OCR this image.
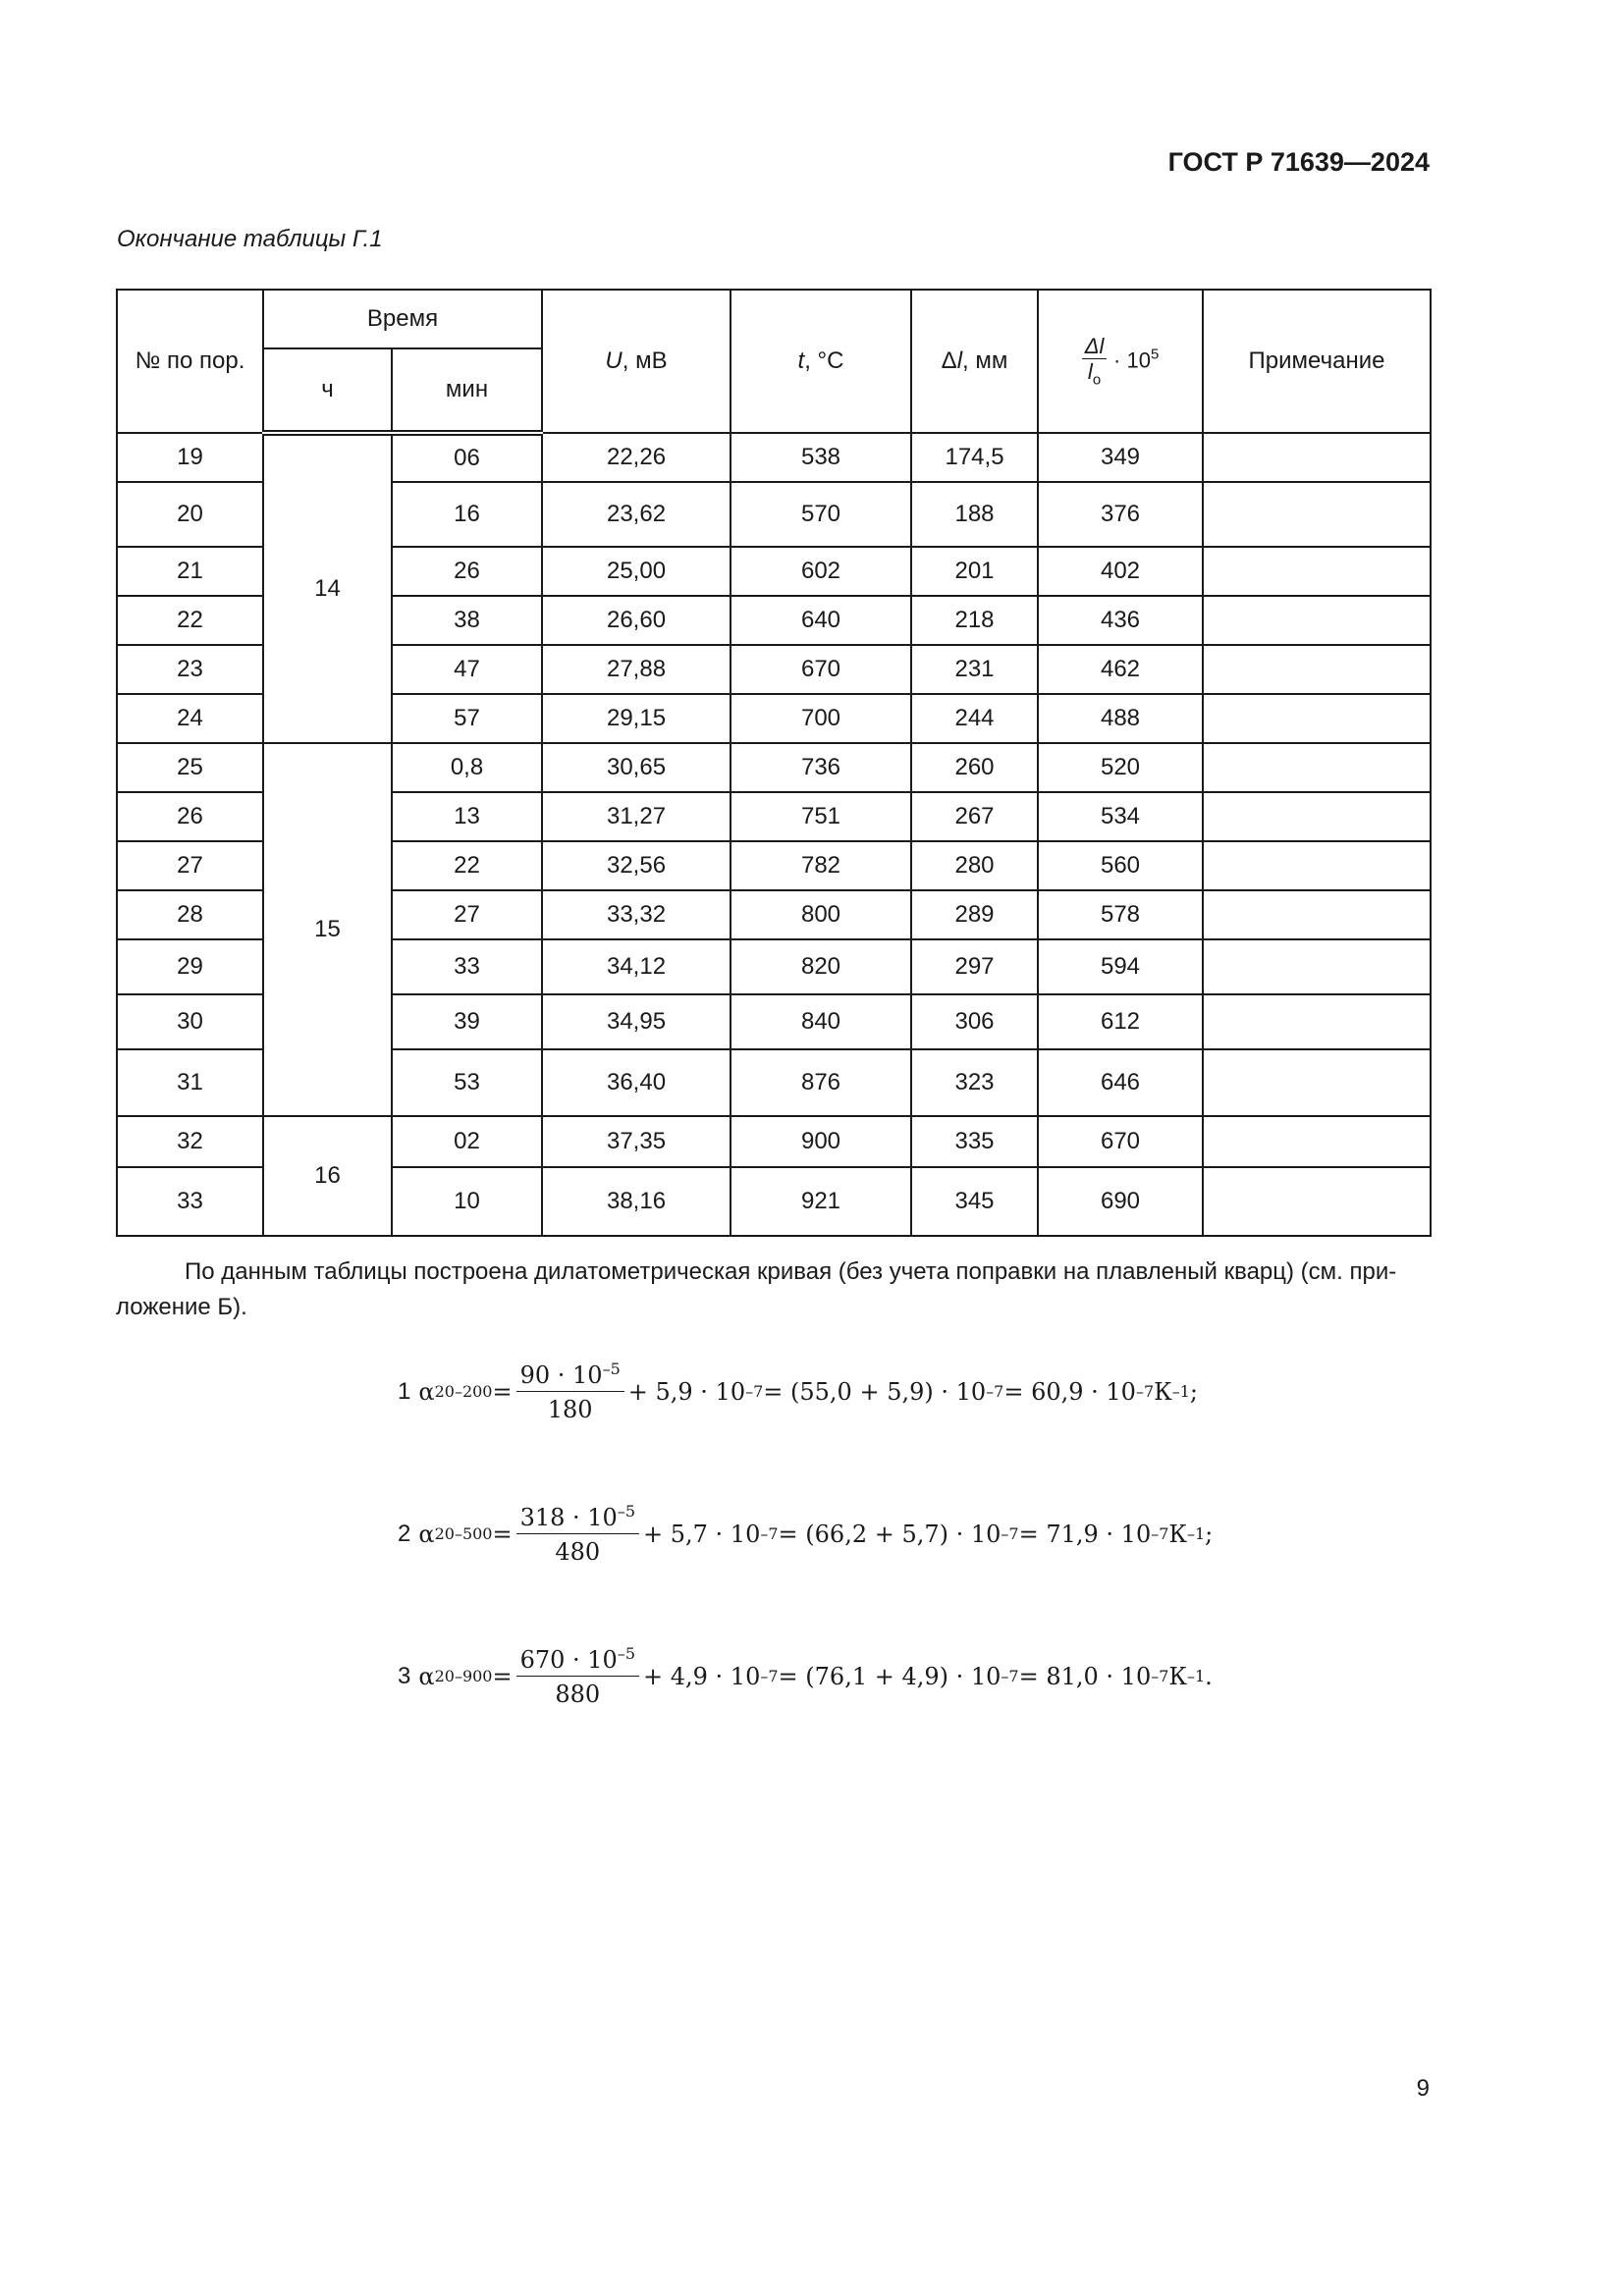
ГОСТ Р 71639—2024
Окончание таблицы Г.1
№ по пор.	Время		U, мВ	t, °С	Δl, мм	$\frac{\Delta l}{l_o} \cdot 10^5$	Примечание
	ч	мин					
19	14	06	22,26	538	174,5	349	
20		16	23,62	570	188	376	
21		26	25,00	602	201	402	
22		38	26,60	640	218	436	
23		47	27,88	670	231	462	
24		57	29,15	700	244	488	
25	15	0,8	30,65	736	260	520	
26		13	31,27	751	267	534	
27		22	32,56	782	280	560	
28		27	33,32	800	289	578	
29		33	34,12	820	297	594	
30		39	34,95	840	306	612	
31		53	36,40	876	323	646	
32	16	02	37,35	900	335	670	
33		10	38,16	921	345	690	
По данным таблицы построена дилатометрическая кривая (без учета поправки на плавленый кварц) (см. при-
ложение Б).
1 α $20-200 = \frac{90 \cdot 10^{-5}}{180} + 5,9 \cdot 10$ –7 = (55,0 + 5,9) · 10 –7 = 60,9 · 10 –7 К –1 ;
2 α $20-500 = \frac{318 \cdot 10^{-5}}{480} + 5,7 \cdot 10$ –7 = (66,2 + 5,7) · 10 –7 = 71,9 · 10 –7 К –1 ;
3 α $20-900 = \frac{670 \cdot 10^{-5}}{880} + 4,9 \cdot 10$ –7 = (76,1 + 4,9) · 10 –7 = 81,0 · 10 –7 К –1 .
9
